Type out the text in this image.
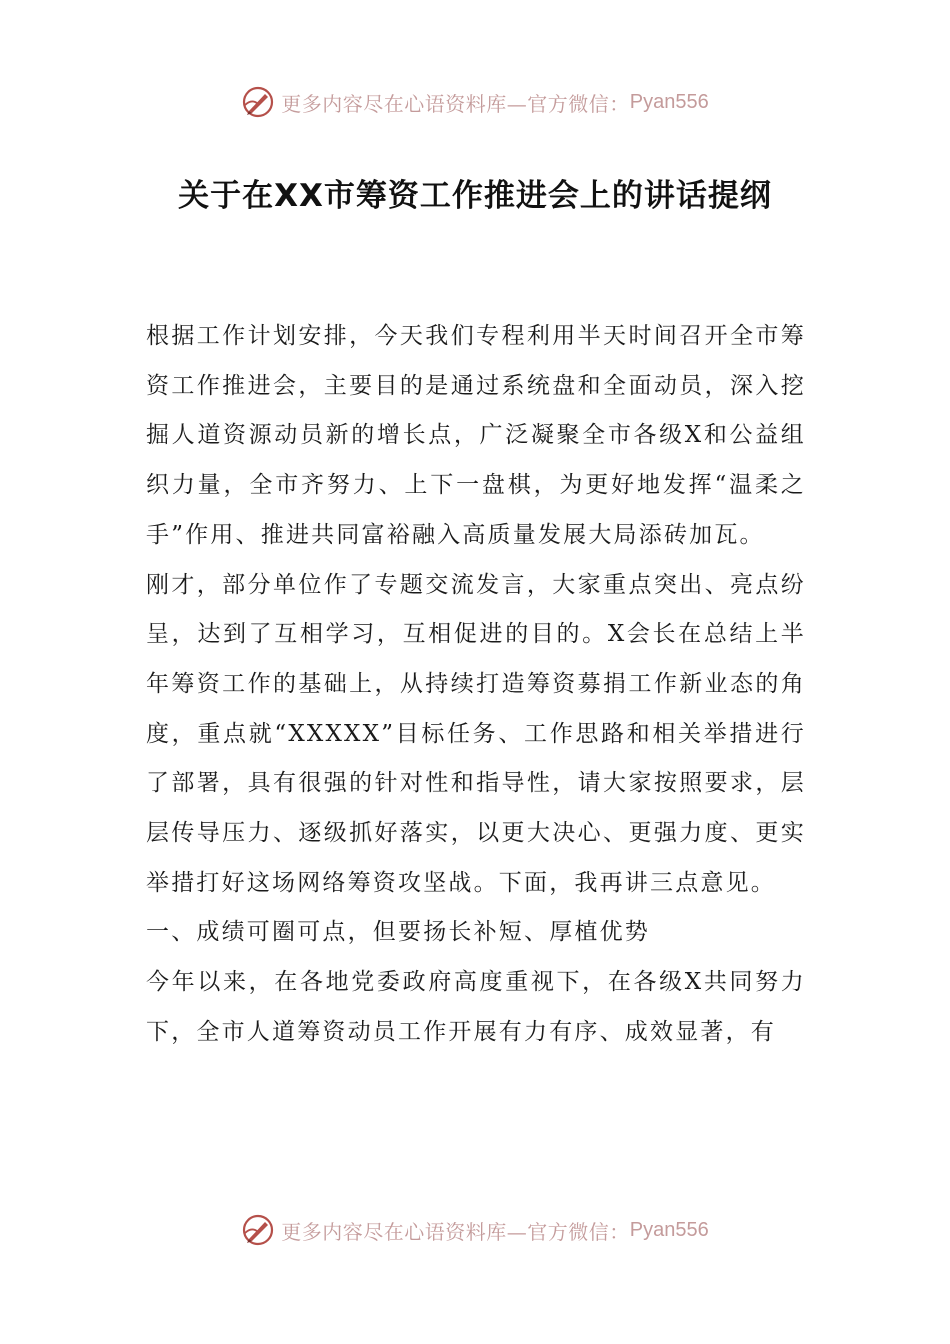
更多内容尽在心语资料库—官方微信： Pyan556
关于在XX市筹资工作推进会上的讲话提纲

根据工作计划安排，今天我们专程利用半天时间召开全市筹资工作推进会，主要目的是通过系统盘和全面动员，深入挖掘人道资源动员新的增长点，广泛凝聚全市各级X和公益组织力量，全市齐努力、上下一盘棋，为更好地发挥“温柔之手”作用、推进共同富裕融入高质量发展大局添砖加瓦。

刚才，部分单位作了专题交流发言，大家重点突出、亮点纷呈，达到了互相学习，互相促进的目的。X会长在总结上半年筹资工作的基础上，从持续打造筹资募捐工作新业态的角度，重点就“XXXXX”目标任务、工作思路和相关举措进行了部署，具有很强的针对性和指导性，请大家按照要求，层层传导压力、逐级抓好落实，以更大决心、更强力度、更实举措打好这场网络筹资攻坚战。下面，我再讲三点意见。

一、成绩可圈可点，但要扬长补短、厚植优势

今年以来，在各地党委政府高度重视下，在各级X共同努力下，全市人道筹资动员工作开展有力有序、成效显著，有

更多内容尽在心语资料库—官方微信： Pyan556
